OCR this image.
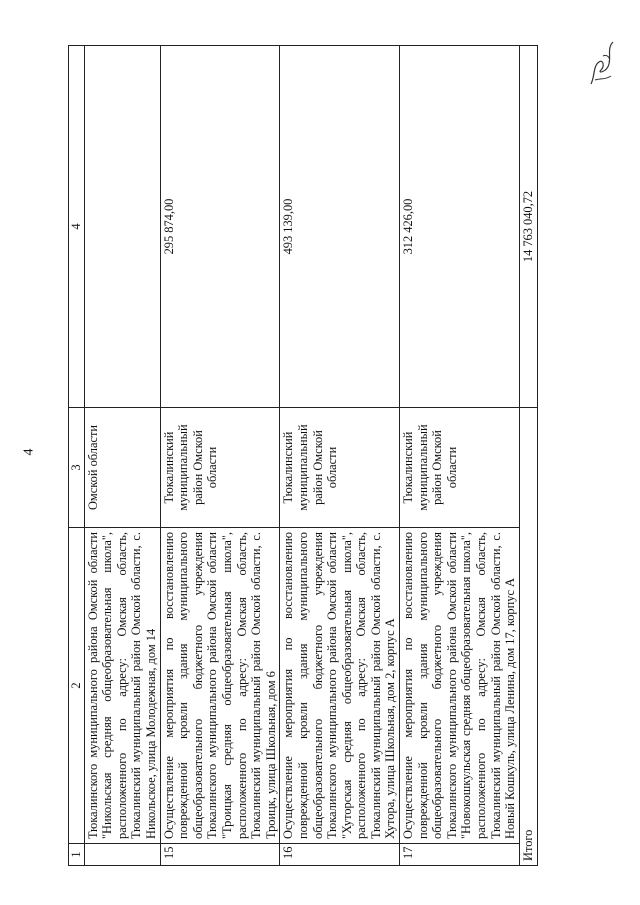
4
1	2	3	4
	Тюкалинского муниципального района Омской области "Никольская средняя общеобразовательная школа", расположенного по адресу: Омская область, Тюкалинский муниципальный район Омской области, с. Никольское, улица Молодежная, дом 14	Омской области	
15	Осуществление мероприятия по восстановлению поврежденной кровли здания муниципального общеобразовательного бюджетного учреждения Тюкалинского муниципального района Омской области "Троицкая средняя общеобразовательная школа", расположенного по адресу: Омская область, Тюкалинский муниципальный район Омской области, с. Троицк, улица Школьная, дом 6	Тюкалинский муниципальный район Омской области	295 874,00
16	Осуществление мероприятия по восстановлению поврежденной кровли здания муниципального общеобразовательного бюджетного учреждения Тюкалинского муниципального района Омской области "Хуторская средняя общеобразовательная школа", расположенного по адресу: Омская область, Тюкалинский муниципальный район Омской области, с. Хутора, улица Школьная, дом 2, корпус А	Тюкалинский муниципальный район Омской области	493 139,00
17	Осуществление мероприятия по восстановлению поврежденной кровли здания муниципального общеобразовательного бюджетного учреждения Тюкалинского муниципального района Омской области "Новокошкульская средняя общеобразовательная школа", расположенного по адресу: Омская область, Тюкалинский муниципальный район Омской области, с. Новый Кошкуль, улица Ленина, дом 17, корпус А	Тюкалинский муниципальный район Омской области	312 426,00
Итого			14 763 040,72
